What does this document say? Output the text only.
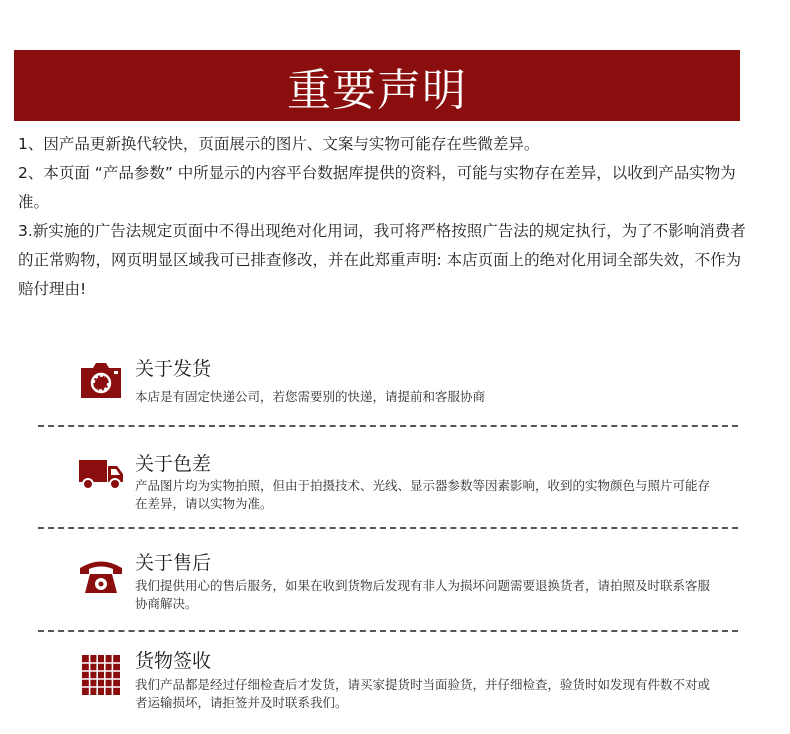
重要声明

1、因产品更新换代较快，页面展示的图片、文案与实物可能存在些微差异。

2、本页面 “产品参数” 中所显示的内容平台数据库提供的资料，可能与实物存在差异，以收到产品实物为准。

3.新实施的广告法规定页面中不得出现绝对化用词，我可将严格按照广告法的规定执行，为了不影响消费者的正常购物，网页明显区域我可已排查修改，并在此郑重声明: 本店页面上的绝对化用词全部失效，不作为赔付理由!

关于发货
本店是有固定快递公司，若您需要别的快递，请提前和客服协商
关于色差
产品图片均为实物拍照，但由于拍摄技术、光线、显示器参数等因素影响，收到的实物颜色与照片可能存在差异，请以实物为准。
关于售后
我们提供用心的售后服务，如果在收到货物后发现有非人为损坏问题需要退换货者，请拍照及时联系客服协商解决。
货物签收
我们产品都是经过仔细检查后才发货，请买家提货时当面验货，并仔细检查，验货时如发现有件数不对或者运输损坏，请拒签并及时联系我们。
